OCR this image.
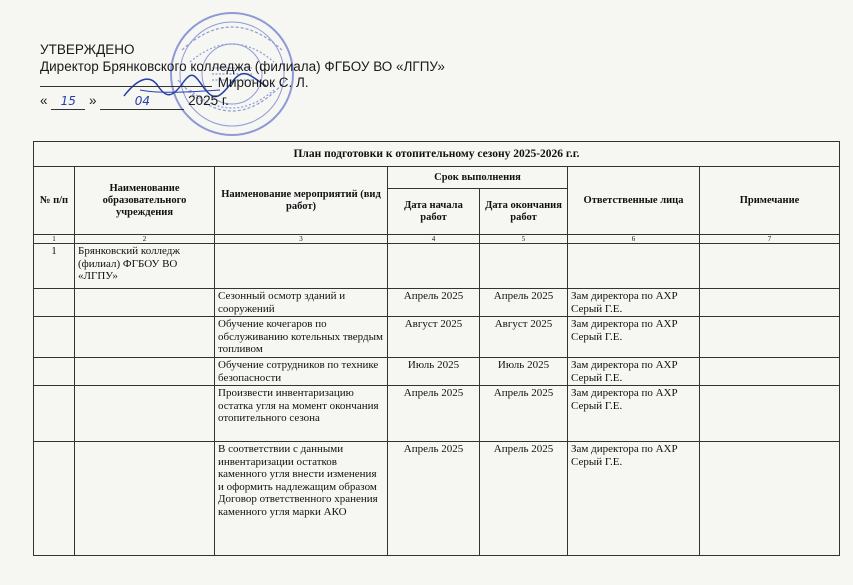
УТВЕРЖДЕНО
Директор Брянковского колледжа (филиала) ФГБОУ ВО «ЛГПУ»
Миронюк С. Л.
« 15 »	04	2025 г.
План подготовки к отопительному сезону 2025-2026 г.г.						
№ п/п	Наименование образовательного учреждения	Наименование мероприятий (вид работ)	Срок выполнения		Ответственные лица	Примечание
			Дата начала работ	Дата окончания работ		
1	2	3	4	5	6	7
1	Брянковский колледж (филиал) ФГБОУ ВО «ЛГПУ»					
		Сезонный осмотр зданий и сооружений	Апрель 2025	Апрель 2025	Зам директора по АХР Серый Г.Е.	
		Обучение кочегаров по обслуживанию котельных твердым топливом	Август 2025	Август 2025	Зам директора по АХР Серый Г.Е.	
		Обучение сотрудников по технике безопасности	Июль 2025	Июль 2025	Зам директора по АХР Серый Г.Е.	
		Произвести инвентаризацию остатка угля на момент окончания отопительного сезона	Апрель 2025	Апрель 2025	Зам директора по АХР Серый Г.Е.	
		В соответствии с данными инвентаризации остатков каменного угля внести изменения и оформить надлежащим образом Договор ответственного хранения каменного угля марки АКО	Апрель 2025	Апрель 2025	Зам директора по АХР Серый Г.Е.	
